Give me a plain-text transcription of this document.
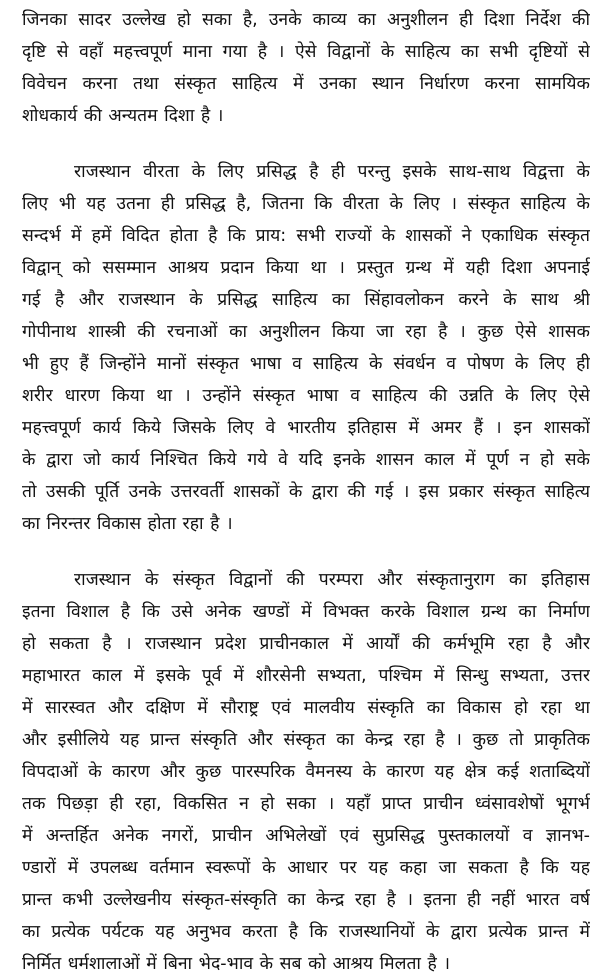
जिनका सादर उल्लेख हो सका है, उनके काव्य का अनुशीलन ही दिशा निर्देश की
दृष्टि से वहाँ महत्त्वपूर्ण माना गया है । ऐसे विद्वानों के साहित्य का सभी दृष्टियों से
विवेचन करना तथा संस्कृत साहित्य में उनका स्थान निर्धारण करना सामयिक
शोधकार्य की अन्यतम दिशा है ।
राजस्थान वीरता के लिए प्रसिद्ध है ही परन्तु इसके साथ-साथ विद्वत्ता के
लिए भी यह उतना ही प्रसिद्ध है, जितना कि वीरता के लिए । संस्कृत साहित्य के
सन्दर्भ में हमें विदित होता है कि प्राय: सभी राज्यों के शासकों ने एकाधिक संस्कृत
विद्वान् को ससम्मान आश्रय प्रदान किया था । प्रस्तुत ग्रन्थ में यही दिशा अपनाई
गई है और राजस्थान के प्रसिद्ध साहित्य का सिंहावलोकन करने के साथ श्री
गोपीनाथ शास्त्री की रचनाओं का अनुशीलन किया जा रहा है । कुछ ऐसे शासक
भी हुए हैं जिन्होंने मानों संस्कृत भाषा व साहित्य के संवर्धन व पोषण के लिए ही
शरीर धारण किया था । उन्होंने संस्कृत भाषा व साहित्य की उन्नति के लिए ऐसे
महत्त्वपूर्ण कार्य किये जिसके लिए वे भारतीय इतिहास में अमर हैं । इन शासकों
के द्वारा जो कार्य निश्चित किये गये वे यदि इनके शासन काल में पूर्ण न हो सके
तो उसकी पूर्ति उनके उत्तरवर्ती शासकों के द्वारा की गई । इस प्रकार संस्कृत साहित्य
का निरन्तर विकास होता रहा है ।
राजस्थान के संस्कृत विद्वानों की परम्परा और संस्कृतानुराग का इतिहास
इतना विशाल है कि उसे अनेक खण्डों में विभक्त करके विशाल ग्रन्थ का निर्माण
हो सकता है । राजस्थान प्रदेश प्राचीनकाल में आर्यों की कर्मभूमि रहा है और
महाभारत काल में इसके पूर्व में शौरसेनी सभ्यता, पश्चिम में सिन्धु सभ्यता, उत्तर
में सारस्वत और दक्षिण में सौराष्ट्र एवं मालवीय संस्कृति का विकास हो रहा था
और इसीलिये यह प्रान्त संस्कृति और संस्कृत का केन्द्र रहा है । कुछ तो प्राकृतिक
विपदाओं के कारण और कुछ पारस्परिक वैमनस्य के कारण यह क्षेत्र कई शताब्दियों
तक पिछड़ा ही रहा, विकसित न हो सका । यहाँ प्राप्त प्राचीन ध्वंसावशेषों भूगर्भ
में अन्तर्हित अनेक नगरों, प्राचीन अभिलेखों एवं सुप्रसिद्ध पुस्तकालयों व ज्ञानभ-
ण्डारों में उपलब्ध वर्तमान स्वरूपों के आधार पर यह कहा जा सकता है कि यह
प्रान्त कभी उल्लेखनीय संस्कृत-संस्कृति का केन्द्र रहा है । इतना ही नहीं भारत वर्ष
का प्रत्येक पर्यटक यह अनुभव करता है कि राजस्थानियों के द्वारा प्रत्येक प्रान्त में
निर्मित धर्मशालाओं में बिना भेद-भाव के सब को आश्रय मिलता है ।
